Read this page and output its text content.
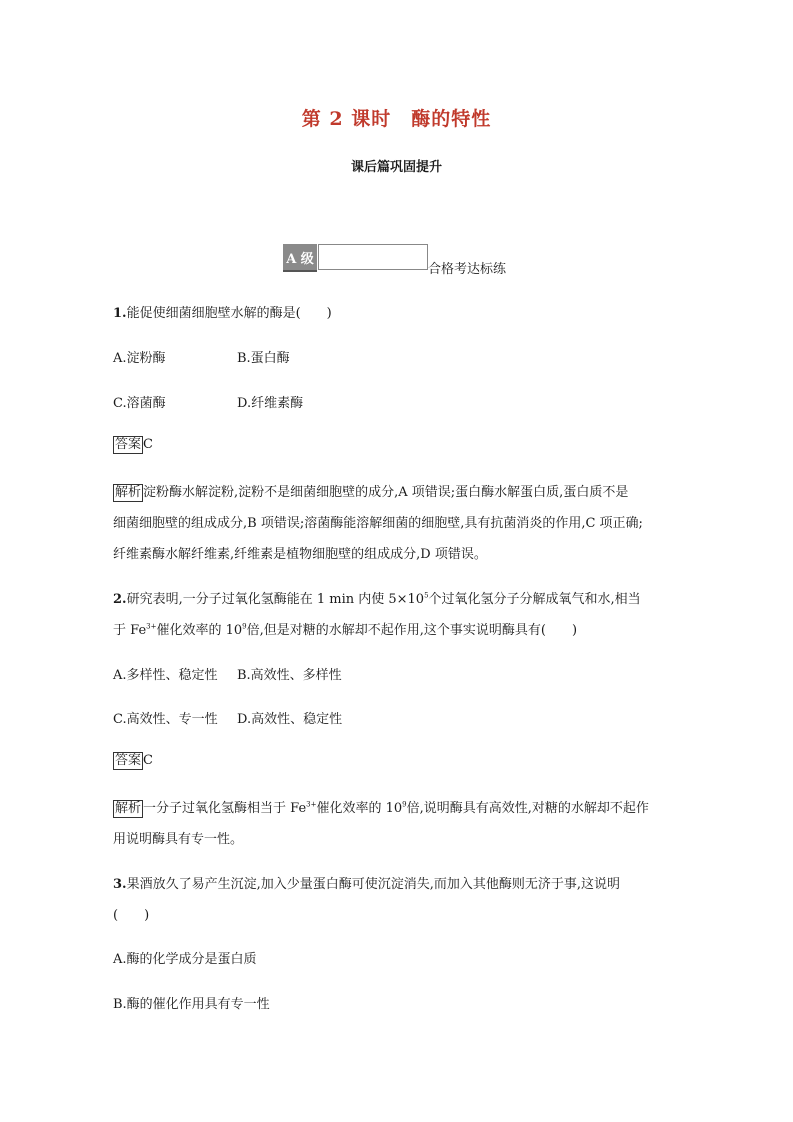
第 2 课时　酶的特性
课后篇巩固提升
A 级
合格考达标练
1.能促使细菌细胞壁水解的酶是(　　)
A.淀粉酶	B.蛋白酶
C.溶菌酶	D.纤维素酶
答案 C
解析 淀粉酶水解淀粉,淀粉不是细菌细胞壁的成分,A 项错误;蛋白酶水解蛋白质,蛋白质不是
细菌细胞壁的组成成分,B 项错误;溶菌酶能溶解细菌的细胞壁,具有抗菌消炎的作用,C 项正确;
纤维素酶水解纤维素,纤维素是植物细胞壁的组成成分,D 项错误。
2.研究表明,一分子过氧化氢酶能在 1 min 内使 $5\times 10^5$个过氧化氢分子分解成氧气和水,相当
于 $Fe^{3+}$催化效率的 $10^9$倍,但是对糖的水解却不起作用,这个事实说明酶具有(　　)
A.多样性、稳定性 B.高效性、多样性
C.高效性、专一性 D.高效性、稳定性
答案 C
解析 一分子过氧化氢酶相当于 $Fe^{3+}$催化效率的 $10^9$倍,说明酶具有高效性,对糖的水解却不起作
用说明酶具有专一性。
3.果酒放久了易产生沉淀,加入少量蛋白酶可使沉淀消失,而加入其他酶则无济于事,这说明
(　　)
A.酶的化学成分是蛋白质
B.酶的催化作用具有专一性
